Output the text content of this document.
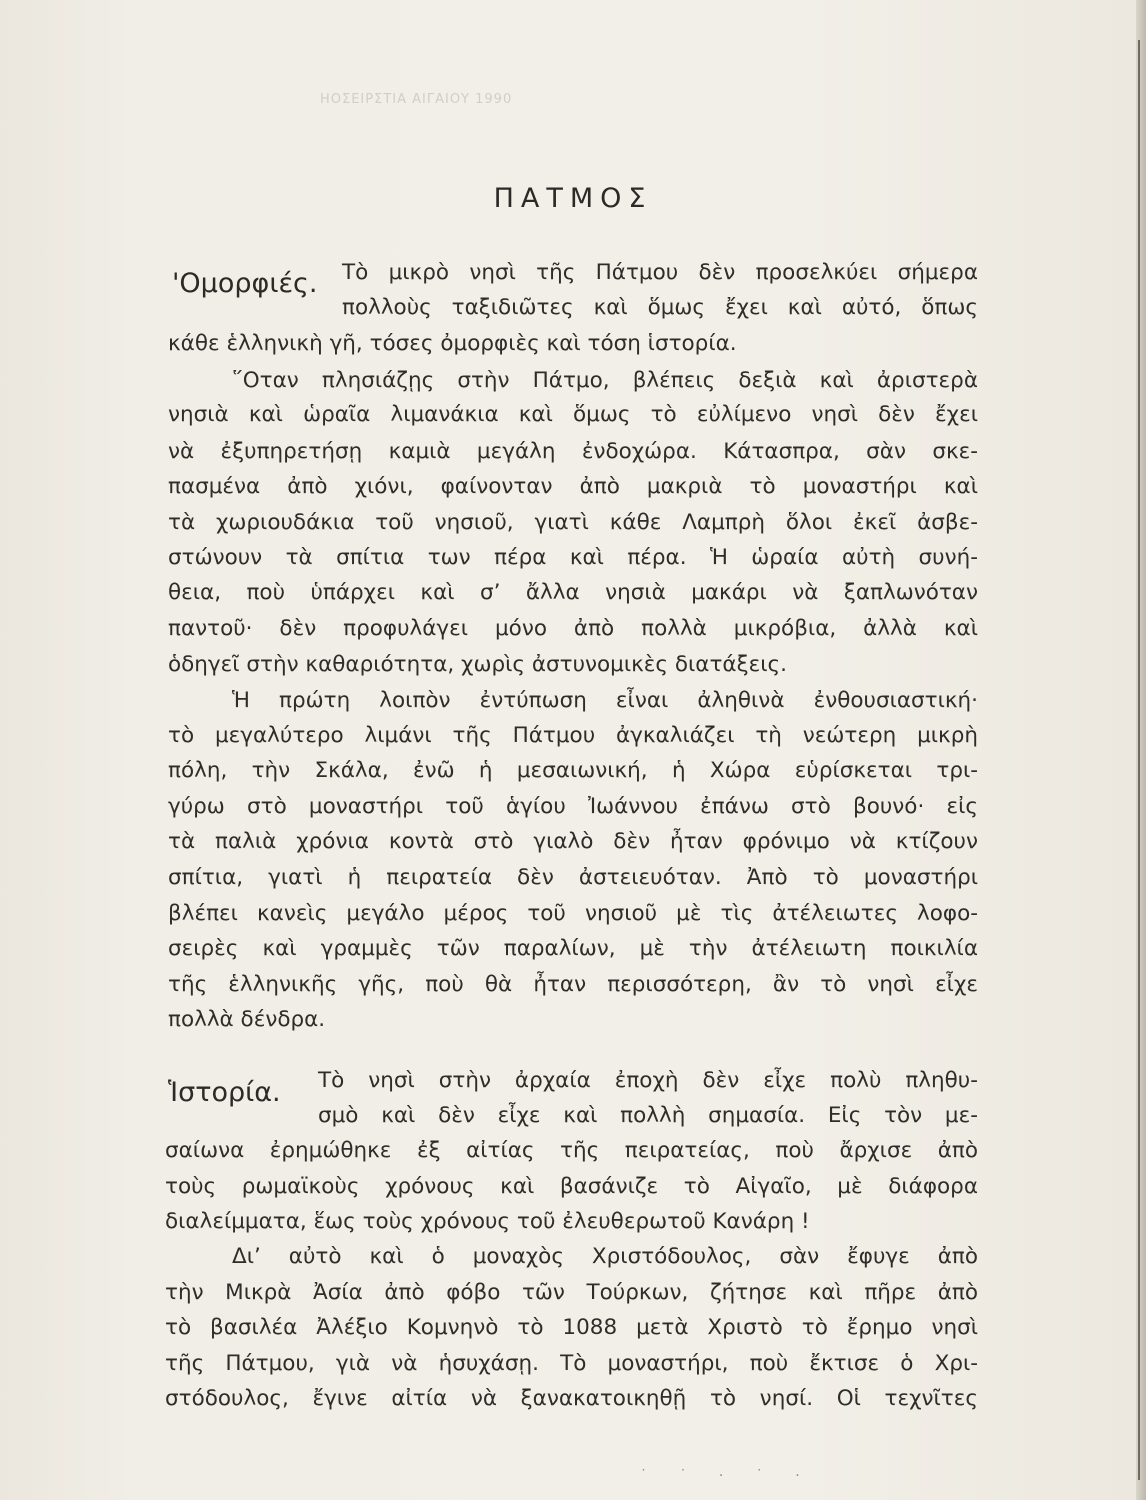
ΗΟΣΕΙΡΣΤΙΑ ΑΙΓΑΙΟΥ 1990
ΠΑΤΜΟΣ
'Ομορφιές. Τὸ μικρὸ νησὶ τῆς Πάτμου δὲν προσελκύει σήμερα
πολλοὺς ταξιδιῶτες καὶ ὅμως ἔχει καὶ αὐτό, ὅπως
κάθε ἑλληνικὴ γῆ, τόσες ὀμορφιὲς καὶ τόση ἱστορία.
῞Οταν πλησιάζῃς στὴν Πάτμο, βλέπεις δεξιὰ καὶ ἀριστερὰ
νησιὰ καὶ ὡραῖα λιμανάκια καὶ ὅμως τὸ εὐλίμενο νησὶ δὲν ἔχει
νὰ ἐξυπηρετήσῃ καμιὰ μεγάλη ἐνδοχώρα. Κάτασπρα, σὰν σκε-
πασμένα ἀπὸ χιόνι, φαίνονταν ἀπὸ μακριὰ τὸ μοναστήρι καὶ
τὰ χωριουδάκια τοῦ νησιοῦ, γιατὶ κάθε Λαμπρὴ ὅλοι ἐκεῖ ἀσβε-
στώνουν τὰ σπίτια των πέρα καὶ πέρα. Ἡ ὡραία αὐτὴ συνή-
θεια, ποὺ ὑπάρχει καὶ σ’ ἄλλα νησιὰ μακάρι νὰ ξαπλωνόταν
παντοῦ· δὲν προφυλάγει μόνο ἀπὸ πολλὰ μικρόβια, ἀλλὰ καὶ
ὁδηγεῖ στὴν καθαριότητα, χωρὶς ἀστυνομικὲς διατάξεις.
Ἡ πρώτη λοιπὸν ἐντύπωση εἶναι ἀληθινὰ ἐνθουσιαστική·
τὸ μεγαλύτερο λιμάνι τῆς Πάτμου ἀγκαλιάζει τὴ νεώτερη μικρὴ
πόλη, τὴν Σκάλα, ἐνῶ ἡ μεσαιωνική, ἡ Χώρα εὑρίσκεται τρι-
γύρω στὸ μοναστήρι τοῦ ἁγίου Ἰωάννου ἐπάνω στὸ βουνό· εἰς
τὰ παλιὰ χρόνια κοντὰ στὸ γιαλὸ δὲν ἦταν φρόνιμο νὰ κτίζουν
σπίτια, γιατὶ ἡ πειρατεία δὲν ἀστειευόταν. Ἀπὸ τὸ μοναστήρι
βλέπει κανεὶς μεγάλο μέρος τοῦ νησιοῦ μὲ τὶς ἀτέλειωτες λοφο-
σειρὲς καὶ γραμμὲς τῶν παραλίων, μὲ τὴν ἀτέλειωτη ποικιλία
τῆς ἑλληνικῆς γῆς, ποὺ θὰ ἦταν περισσότερη, ἂν τὸ νησὶ εἶχε
πολλὰ δένδρα.
Ἱστορία. Τὸ νησὶ στὴν ἀρχαία ἐποχὴ δὲν εἶχε πολὺ πληθυ-
σμὸ καὶ δὲν εἶχε καὶ πολλὴ σημασία. Εἰς τὸν με-
σαίωνα ἐρημώθηκε ἐξ αἰτίας τῆς πειρατείας, ποὺ ἄρχισε ἀπὸ
τοὺς ρωμαϊκοὺς χρόνους καὶ βασάνιζε τὸ Αἰγαῖο, μὲ διάφορα
διαλείμματα, ἕως τοὺς χρόνους τοῦ ἐλευθερωτοῦ Κανάρη !
Δι’ αὐτὸ καὶ ὁ μοναχὸς Χριστόδουλος, σὰν ἔφυγε ἀπὸ
τὴν Μικρὰ Ἀσία ἀπὸ φόβο τῶν Τούρκων, ζήτησε καὶ πῆρε ἀπὸ
τὸ βασιλέα Ἀλέξιο Κομνηνὸ τὸ 1088 μετὰ Χριστὸ τὸ ἔρημο νησὶ
τῆς Πάτμου, γιὰ νὰ ἡσυχάσῃ. Τὸ μοναστήρι, ποὺ ἔκτισε ὁ Χρι-
στόδουλος, ἔγινε αἰτία νὰ ξανακατοικηθῇ τὸ νησί. Οἱ τεχνῖτες
˙ ˙ · ˙ ·
